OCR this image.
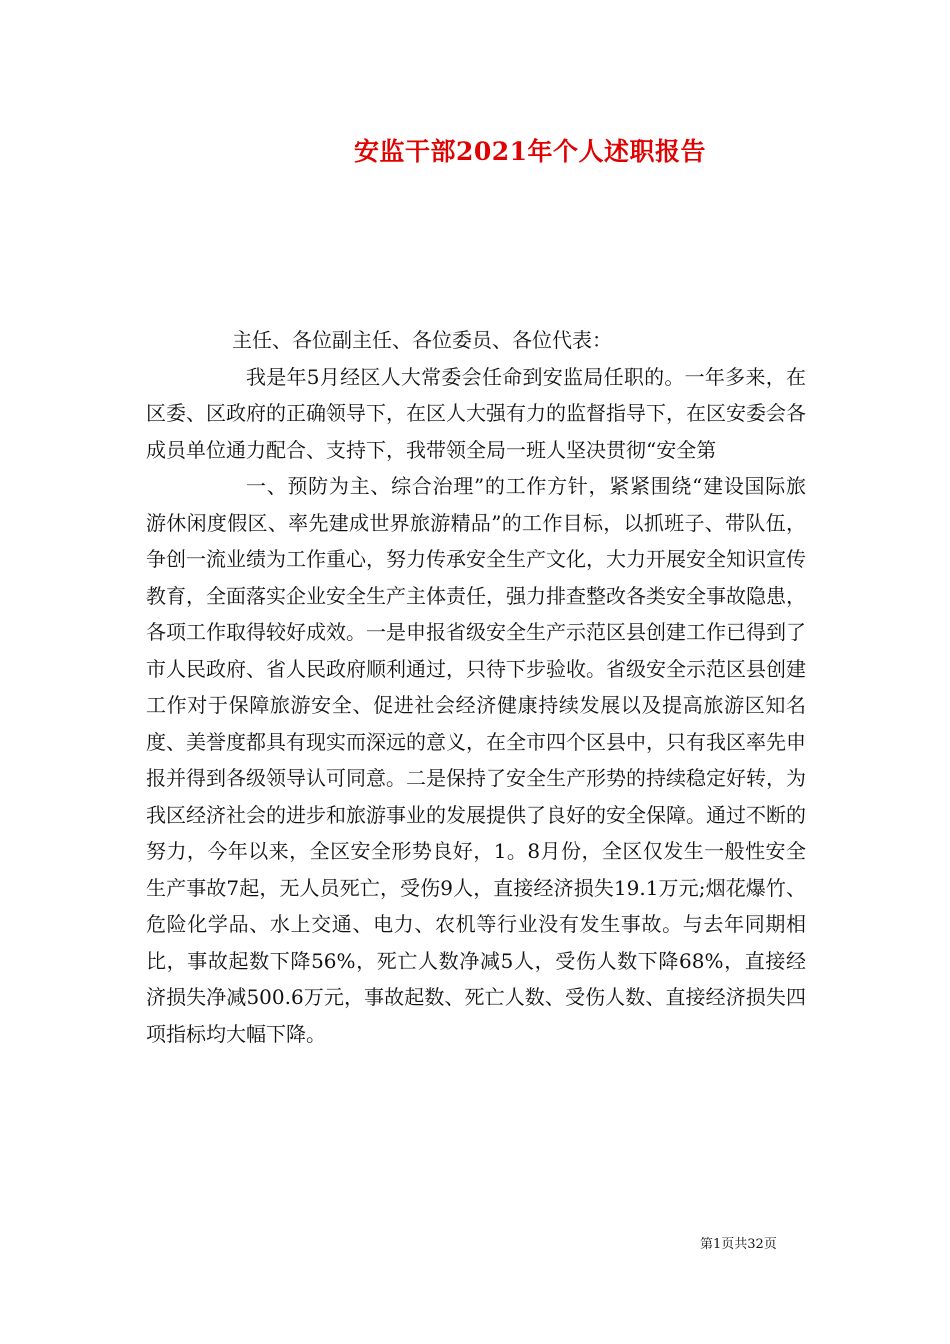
安监干部2021年个人述职报告

主任、各位副主任、各位委员、各位代表：

我是年5月经区人大常委会任命到安监局任职的。一年多来，在区委、区政府的正确领导下，在区人大强有力的监督指导下，在区安委会各成员单位通力配合、支持下，我带领全局一班人坚决贯彻“安全第

一、预防为主、综合治理”的工作方针，紧紧围绕“建设国际旅游休闲度假区、率先建成世界旅游精品”的工作目标，以抓班子、带队伍，争创一流业绩为工作重心，努力传承安全生产文化，大力开展安全知识宣传教育，全面落实企业安全生产主体责任，强力排查整改各类安全事故隐患，各项工作取得较好成效。一是申报省级安全生产示范区县创建工作已得到了市人民政府、省人民政府顺利通过，只待下步验收。省级安全示范区县创建工作对于保障旅游安全、促进社会经济健康持续发展以及提高旅游区知名度、美誉度都具有现实而深远的意义，在全市四个区县中，只有我区率先申报并得到各级领导认可同意。二是保持了安全生产形势的持续稳定好转，为我区经济社会的进步和旅游事业的发展提供了良好的安全保障。通过不断的努力，今年以来，全区安全形势良好，1。8月份，全区仅发生一般性安全生产事故7起，无人员死亡，受伤9人，直接经济损失19.1万元;烟花爆竹、危险化学品、水上交通、电力、农机等行业没有发生事故。与去年同期相比，事故起数下降56%，死亡人数净减5人，受伤人数下降68%，直接经济损失净减500.6万元，事故起数、死亡人数、受伤人数、直接经济损失四项指标均大幅下降。

第1页共32页
